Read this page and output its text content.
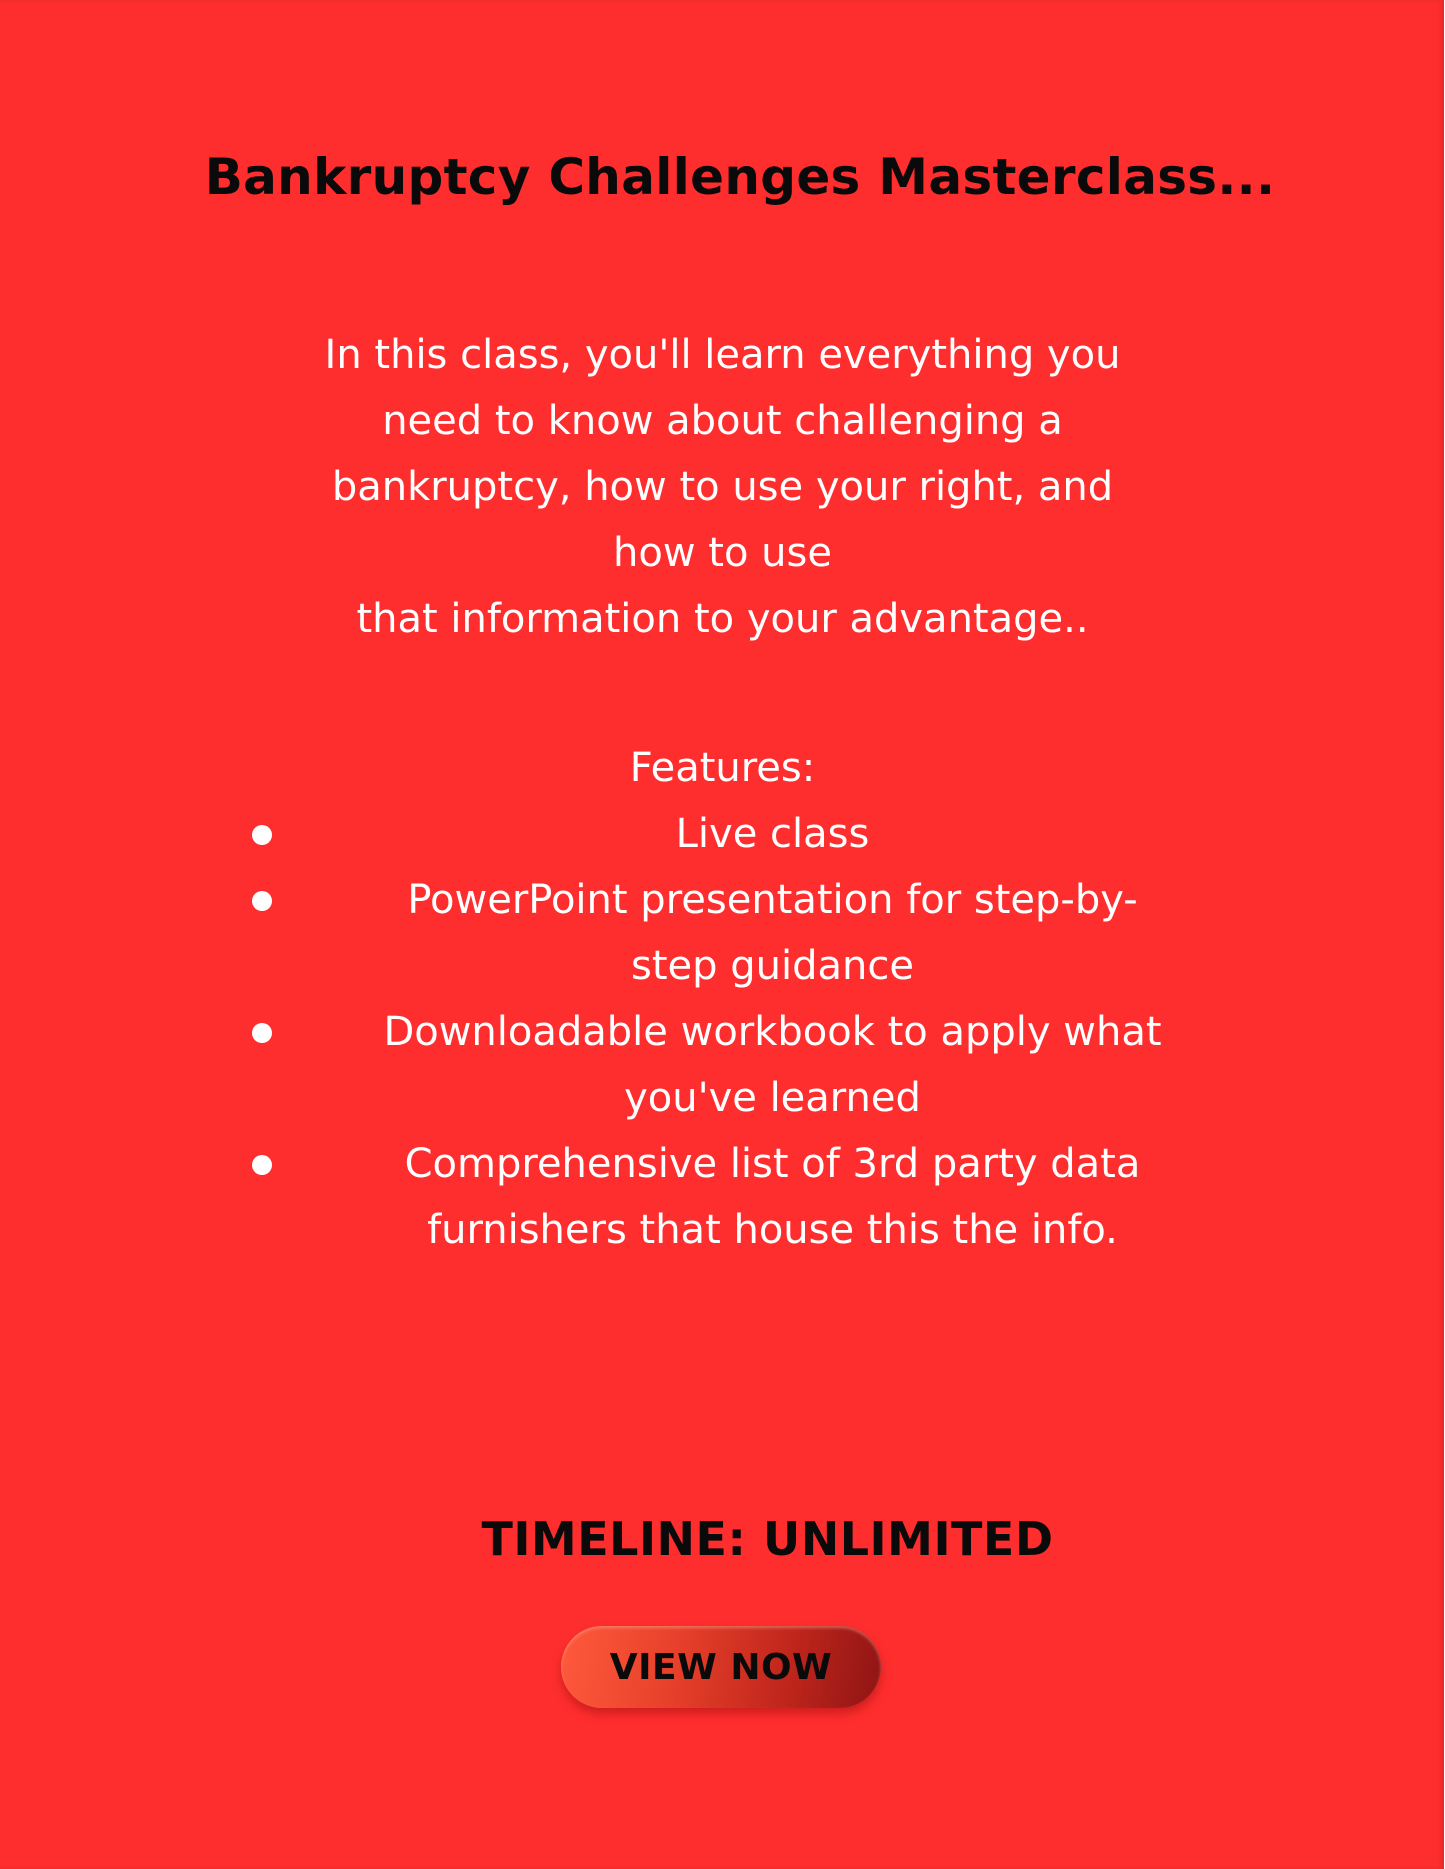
Bankruptcy Challenges Masterclass...
In this class, you'll learn everything you
need to know about challenging a
bankruptcy, how to use your right, and
how to use
that information to your advantage..
Features:
Live class
PowerPoint presentation for step-by-
step guidance
Downloadable workbook to apply what
you've learned
Comprehensive list of 3rd party data
furnishers that house this the info.
TIMELINE: UNLIMITED
VIEW NOW
